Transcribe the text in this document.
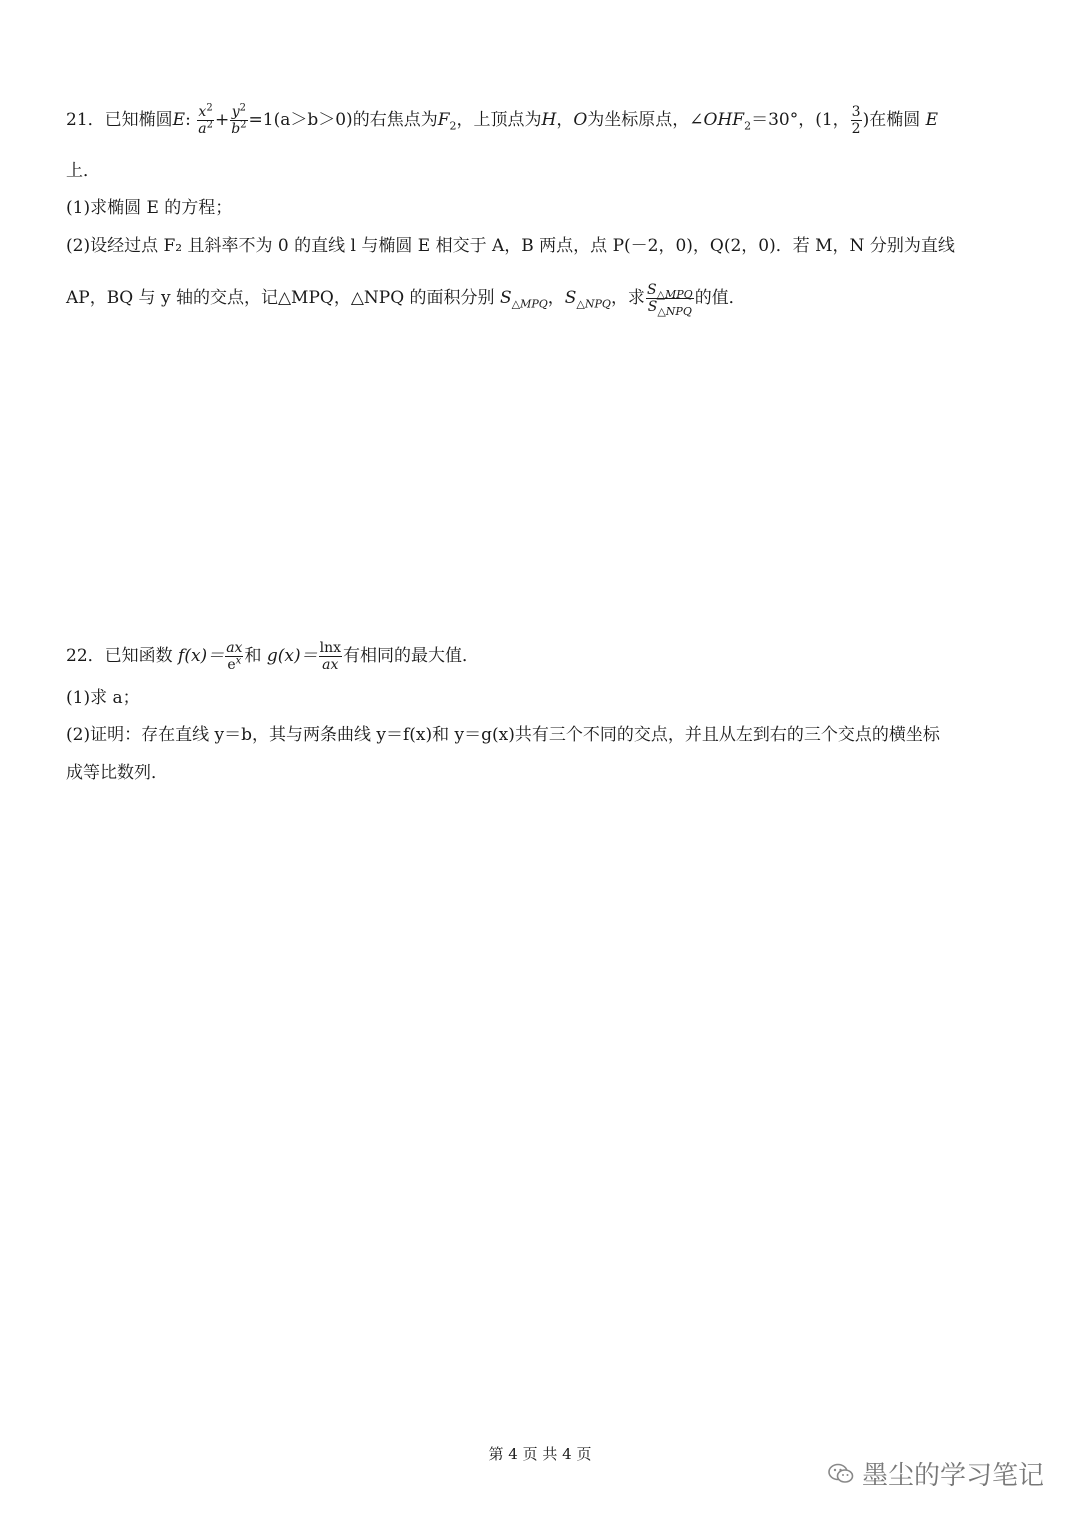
21．已知椭圆E: $\frac{x^2}{a^2} + \frac{y^2}{b^2} =1(a>b>0)$的右焦点为$F_2$，上顶点为H，O为坐标原点，$\angle OHF_2=30^\circ$，(1， $\frac{3}{2}$ )在椭圆 E
上．
(1)求椭圆 E 的方程；
(2)设经过点 F₂ 且斜率不为 0 的直线 l 与椭圆 E 相交于 A，B 两点，点 P(－2，0)，Q(2，0)．若 M，N 分别为直线
AP，BQ 与 y 轴的交点，记△MPQ，△NPQ 的面积分别 $S_{\triangle MPQ}$，$S_{\triangle NPQ}$，求 $\frac{S_{\triangle MPQ}}{S_{\triangle NPQ}}$ 的值．
22．已知函数 $f(x)= \frac{ax}{e^x}$ 和 $g(x)= \frac{\ln x}{ax}$ 有相同的最大值．
(1)求 a；
(2)证明：存在直线 y＝b，其与两条曲线 y＝f(x)和 y＝g(x)共有三个不同的交点，并且从左到右的三个交点的横坐标
成等比数列．
第 4 页 共 4 页
墨尘的学习笔记
